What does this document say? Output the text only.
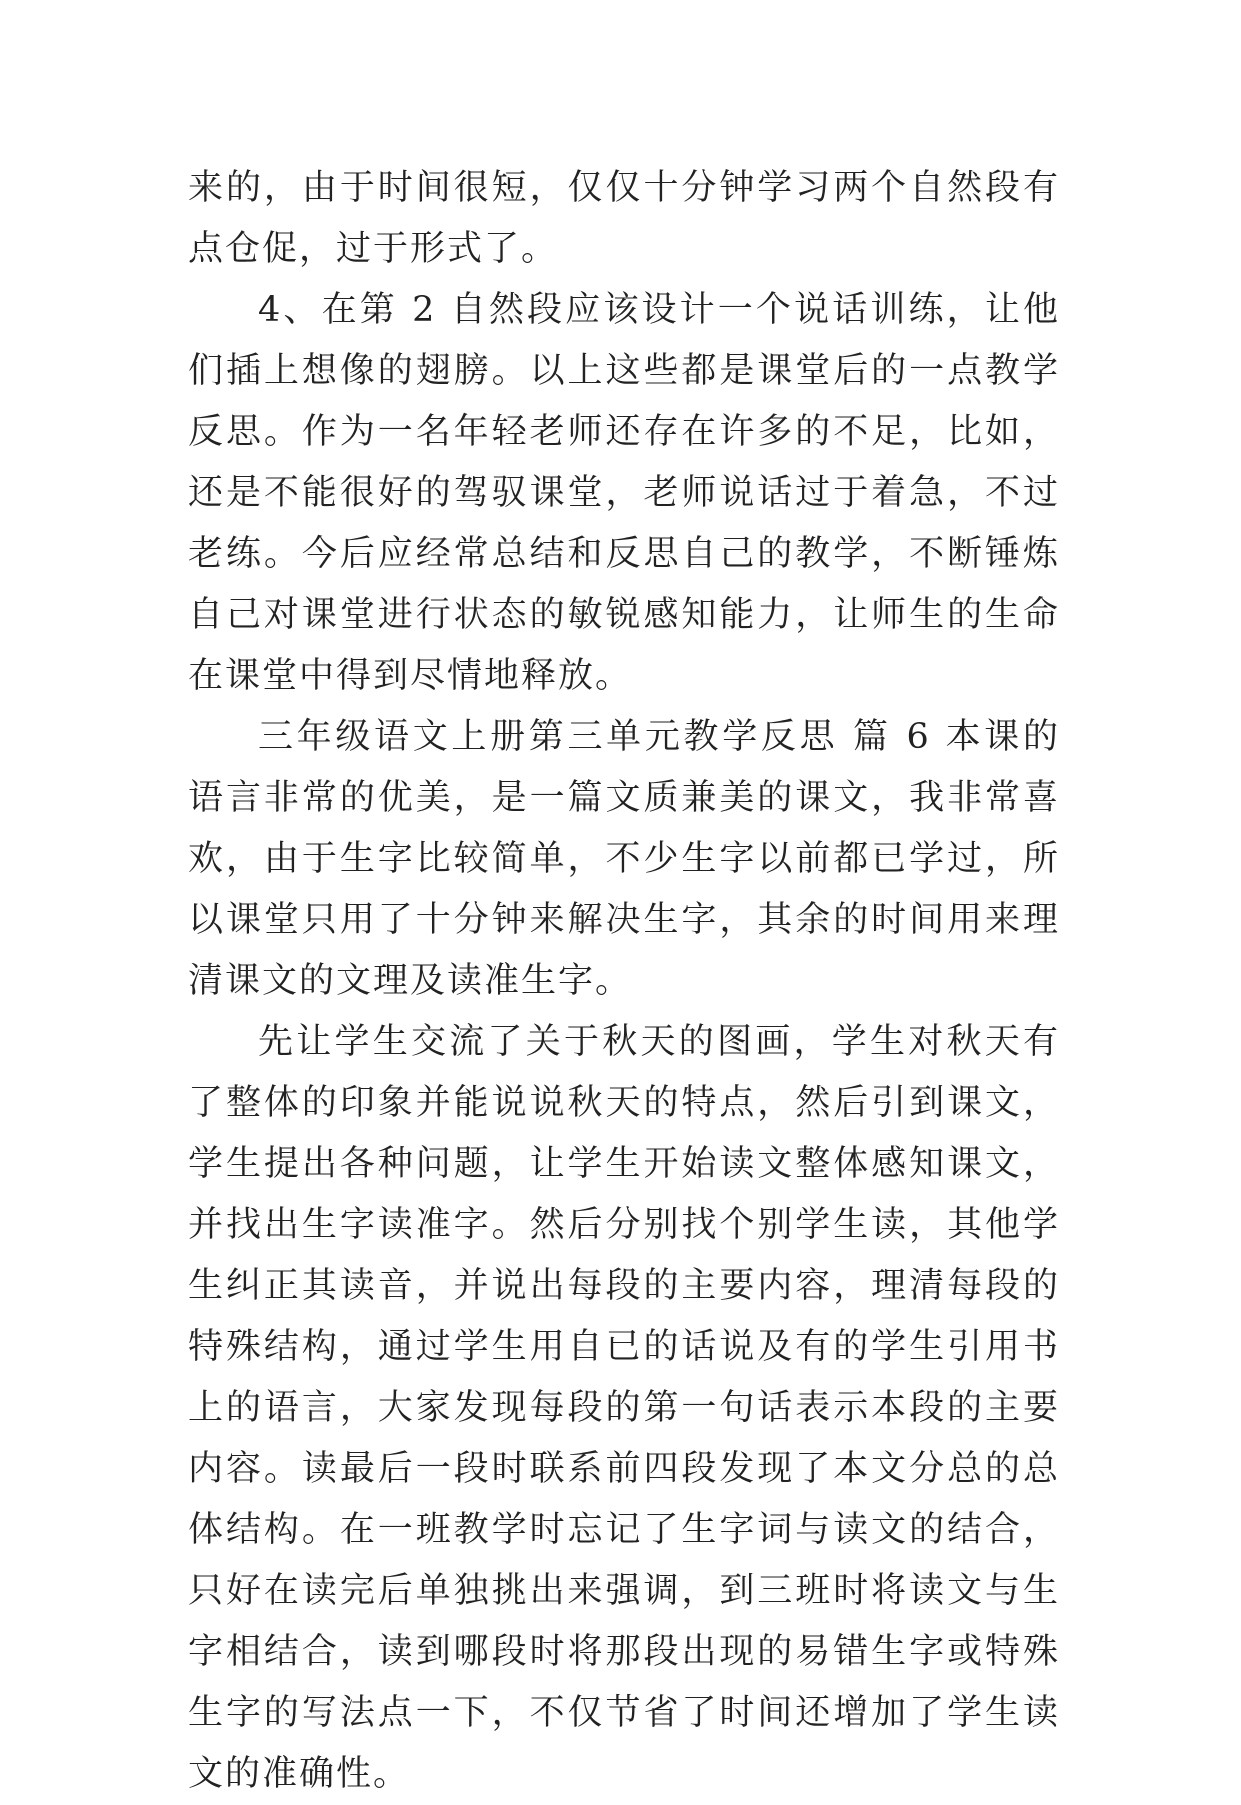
来的，由于时间很短，仅仅十分钟学习两个自然段有点仓促，过于形式了。

4、在第 2 自然段应该设计一个说话训练，让他们插上想像的翅膀。以上这些都是课堂后的一点教学反思。作为一名年轻老师还存在许多的不足，比如，还是不能很好的驾驭课堂，老师说话过于着急，不过老练。今后应经常总结和反思自己的教学，不断锤炼自己对课堂进行状态的敏锐感知能力，让师生的生命在课堂中得到尽情地释放。

三年级语文上册第三单元教学反思 篇 6 本课的语言非常的优美，是一篇文质兼美的课文，我非常喜欢，由于生字比较简单，不少生字以前都已学过，所以课堂只用了十分钟来解决生字，其余的时间用来理清课文的文理及读准生字。

先让学生交流了关于秋天的图画，学生对秋天有了整体的印象并能说说秋天的特点，然后引到课文，学生提出各种问题，让学生开始读文整体感知课文，并找出生字读准字。然后分别找个别学生读，其他学生纠正其读音，并说出每段的主要内容，理清每段的特殊结构，通过学生用自已的话说及有的学生引用书上的语言，大家发现每段的第一句话表示本段的主要内容。读最后一段时联系前四段发现了本文分总的总体结构。在一班教学时忘记了生字词与读文的结合，只好在读完后单独挑出来强调，到三班时将读文与生字相结合，读到哪段时将那段出现的易错生字或特殊生字的写法点一下，不仅节省了时间还增加了学生读文的准确性。
